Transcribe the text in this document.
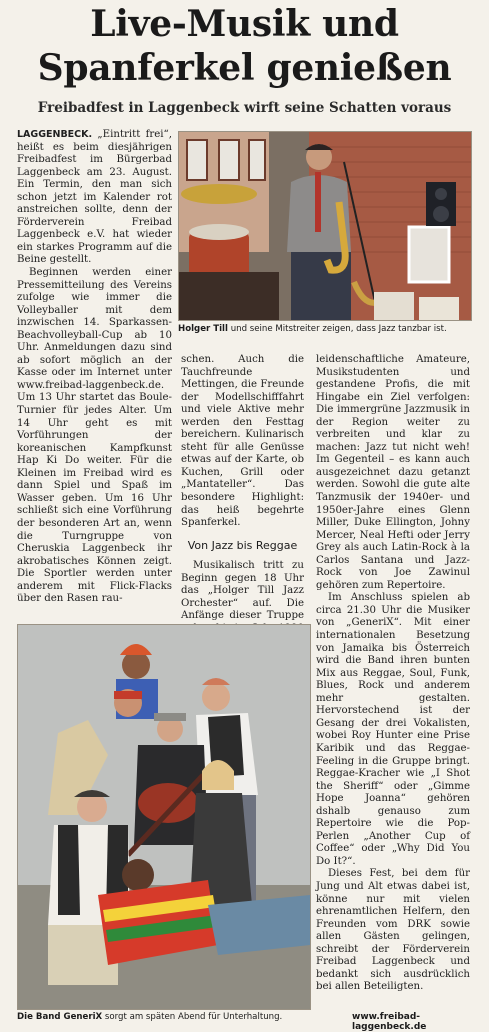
Live-Musik und
Spanferkel genießen
Freibadfest in Laggenbeck wirft seine Schatten voraus
Holger Till und seine Mitstreiter zeigen, dass Jazz tanzbar ist.

LAGGENBECK. „Eintritt frei“, heißt es beim diesjährigen Freibadfest im Bürgerbad Laggenbeck am 23. August. Ein Termin, den man sich schon jetzt im Kalender rot anstreichen sollte, denn der Förderverein Freibad Laggenbeck e.V. hat wieder ein starkes Programm auf die Beine gestellt.

Beginnen werden einer Pressemitteilung des Vereins zufolge wie immer die Volleyballer mit dem inzwischen 14. Sparkassen-Beachvolleyball-Cup ab 10 Uhr. Anmeldungen dazu sind ab sofort möglich an der Kasse oder im Internet unter www.freibad-laggenbeck.de. Um 13 Uhr startet das Boule-Turnier für jedes Alter. Um 14 Uhr geht es mit Vorführungen der koreanischen Kampfkunst Hap Ki Do weiter. Für die Kleinen im Freibad wird es dann Spiel und Spaß im Wasser geben. Um 16 Uhr schließt sich eine Vorführung der besonderen Art an, wenn die Turngruppe von Cheruskia Laggenbeck ihr akrobatisches Können zeigt. Die Sportler werden unter anderem mit Flick-Flacks über den Rasen rau-

schen. Auch die Tauchfreunde Mettingen, die Freunde der Modellschifffahrt und viele Aktive mehr werden den Festtag bereichern. Kulinarisch steht für alle Genüsse etwas auf der Karte, ob Kuchen, Grill oder „Mantateller“. Das besondere Highlight: das heiß begehrte Spanferkel.

Von Jazz bis Reggae

Musikalisch tritt zu Beginn gegen 18 Uhr das „Holger Till Jazz Orchester“ auf. Die Anfänge dieser Truppe

leidenschaftliche Amateure, Musikstudenten und gestandene Profis, die mit Hingabe ein Ziel verfolgen: Die immergrüne Jazzmusik in der Region weiter zu verbreiten und klar zu machen: Jazz tut nicht weh! Im Gegenteil – es kann auch ausgezeichnet dazu getanzt werden. Sowohl die gute alte Tanzmusik der 1940er- und 1950er-Jahre eines Glenn Miller, Duke Ellington, Johny Mercer, Neal Hefti oder Jerry Grey als auch Latin-Rock à la Carlos Santana und Jazz-Rock von Joe Zawinul gehören zum Repertoire.

Im Anschluss spielen ab circa 21.30 Uhr die Musiker von „GeneriX“. Mit einer internationalen Besetzung von Jamaika bis Österreich wird die Band ihren bunten Mix aus Reggae, Soul, Funk, Blues, Rock und anderem mehr gestalten. Hervorstechend ist der Gesang der drei Vokalisten, wobei Roy Hunter eine Prise Karibik und das Reggae-Feeling in die Gruppe bringt. Reggae-Kracher wie „I Shot the Sheriff“ oder „Gimme Hope Joanna“ gehören dshalb genauso zum Repertoire wie die Pop-Perlen „Another Cup of Coffee“ oder „Why Did You Do It?“.

Dieses Fest, bei dem für Jung und Alt etwas dabei ist, könne nur mit vielen ehrenamtlichen Helfern, den Freunden vom DRK sowie allen Gästen gelingen, schreibt der Förderverein Freibad Laggenbeck und bedankt sich ausdrücklich bei allen Beteiligten.

Die Band GeneriX sorgt am späten Abend für Unterhaltung.	www.freibad-laggenbeck.de
